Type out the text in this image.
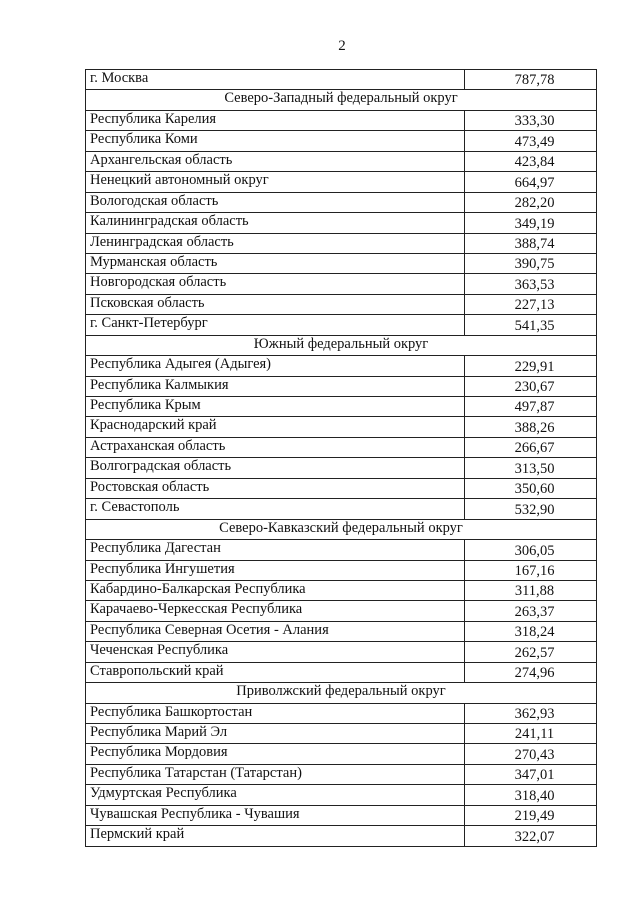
2
г. Москва	787,78
Северо-Западный федеральный округ	
Республика Карелия	333,30
Республика Коми	473,49
Архангельская область	423,84
Ненецкий автономный округ	664,97
Вологодская область	282,20
Калининградская область	349,19
Ленинградская область	388,74
Мурманская область	390,75
Новгородская область	363,53
Псковская область	227,13
г. Санкт-Петербург	541,35
Южный федеральный округ	
Республика Адыгея (Адыгея)	229,91
Республика Калмыкия	230,67
Республика Крым	497,87
Краснодарский край	388,26
Астраханская область	266,67
Волгоградская область	313,50
Ростовская область	350,60
г. Севастополь	532,90
Северо-Кавказский федеральный округ	
Республика Дагестан	306,05
Республика Ингушетия	167,16
Кабардино-Балкарская Республика	311,88
Карачаево-Черкесская Республика	263,37
Республика Северная Осетия - Алания	318,24
Чеченская Республика	262,57
Ставропольский край	274,96
Приволжский федеральный округ	
Республика Башкортостан	362,93
Республика Марий Эл	241,11
Республика Мордовия	270,43
Республика Татарстан (Татарстан)	347,01
Удмуртская Республика	318,40
Чувашская Республика - Чувашия	219,49
Пермский край	322,07
